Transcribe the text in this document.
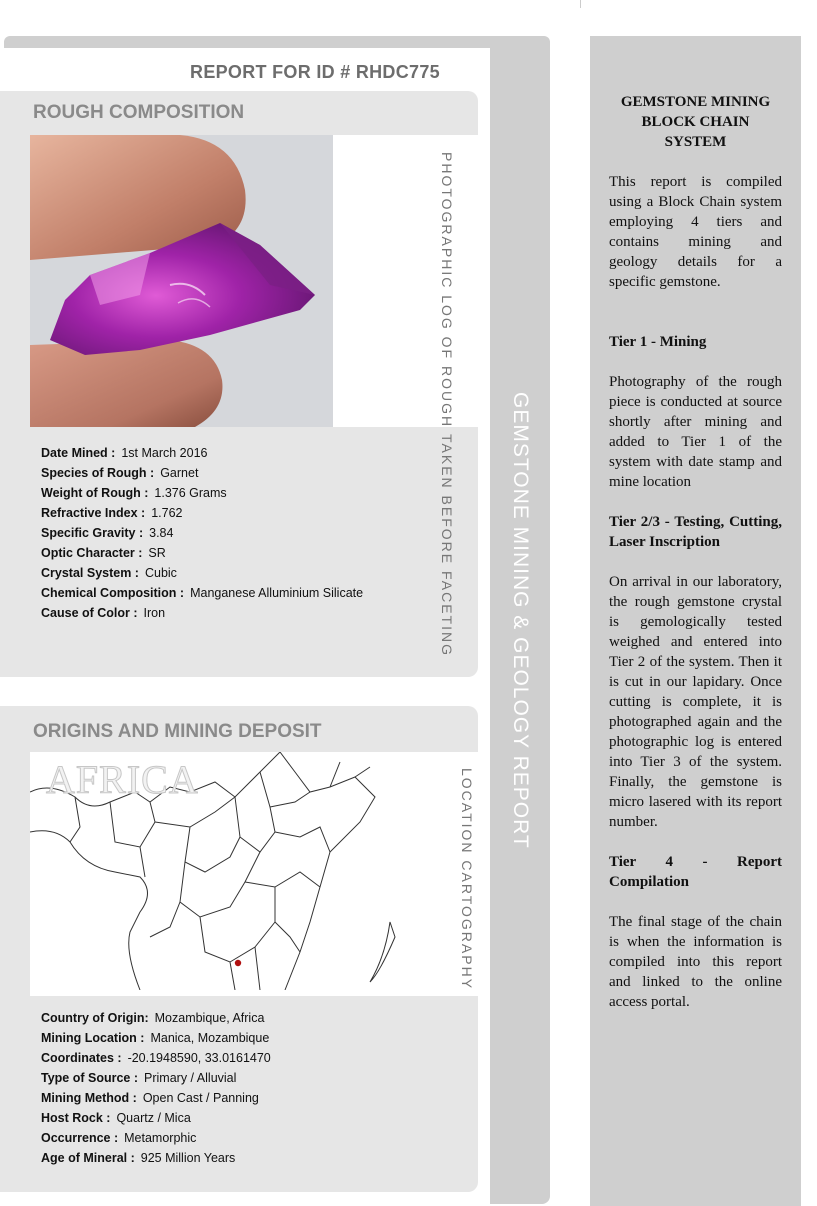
GEMSTONE MINING & GEOLOGY REPORT
REPORT FOR ID # RHDC775
ROUGH COMPOSITION
PHOTOGRAPHIC LOG OF ROUGH TAKEN BEFORE FACETING
Date Mined : 1st March 2016
Species of Rough : Garnet
Weight of Rough : 1.376 Grams
Refractive Index : 1.762
Specific Gravity : 3.84
Optic Character : SR
Crystal System : Cubic
Chemical Composition : Manganese Alluminium Silicate
Cause of Color : Iron
ORIGINS AND MINING DEPOSIT
AFRICA	LOCATION CARTOGRAPHY
Country of Origin: Mozambique, Africa
Mining Location : Manica, Mozambique
Coordinates : -20.1948590, 33.0161470
Type of Source : Primary / Alluvial
Mining Method : Open Cast / Panning
Host Rock : Quartz / Mica
Occurrence : Metamorphic
Age of Mineral : 925 Million Years
GEMSTONE MINING BLOCK CHAIN SYSTEM

This report is compiled using a Block Chain system employing 4 tiers and contains mining and geology details for a specific gemstone.

Tier 1 - Mining

Photography of the rough piece is conducted at source shortly after mining and added to Tier 1 of the system with date stamp and mine location

Tier 2/3 - Testing, Cutting, Laser Inscription

On arrival in our laboratory, the rough gemstone crystal is gemologically tested weighed and entered into Tier 2 of the system. Then it is cut in our lapidary. Once cutting is complete, it is photographed again and the photographic log is entered into Tier 3 of the system. Finally, the gemstone is micro lasered with its report number.

Tier 4 - Report Compilation

The final stage of the chain is when the information is compiled into this report and linked to the online access portal.
